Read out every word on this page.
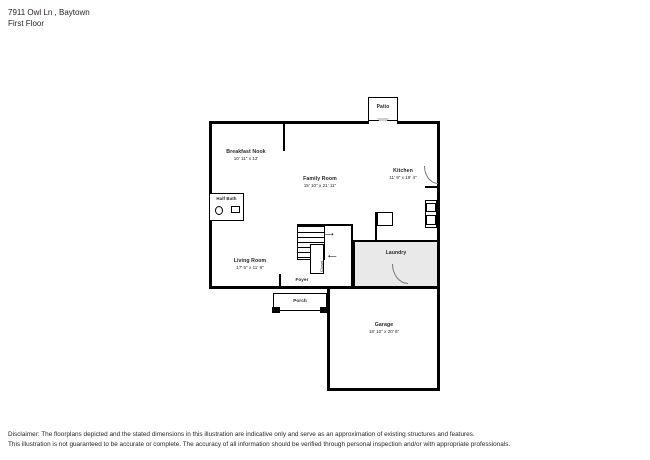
7911 Owl Ln , Baytown
First Floor
Patio
Half Bath
Breakfast Nook
10' 11" x 12'
Family Room
15' 10" x 21' 11"
Kitchen
11' 9" x 19' 4"
Laundry
⟶
⟵
Closet
Living Room
17' 5" x 11' 9"
Foyer
Porch
Garage
18' 10" x 20' 6"
Disclaimer: The floorplans depicted and the stated dimensions in this illustration are indicative only and serve as an approximation of existing structures and features.
This illustration is not guaranteed to be accurate or complete. The accuracy of all information should be verified through personal inspection and/or with appropriate professionals.
